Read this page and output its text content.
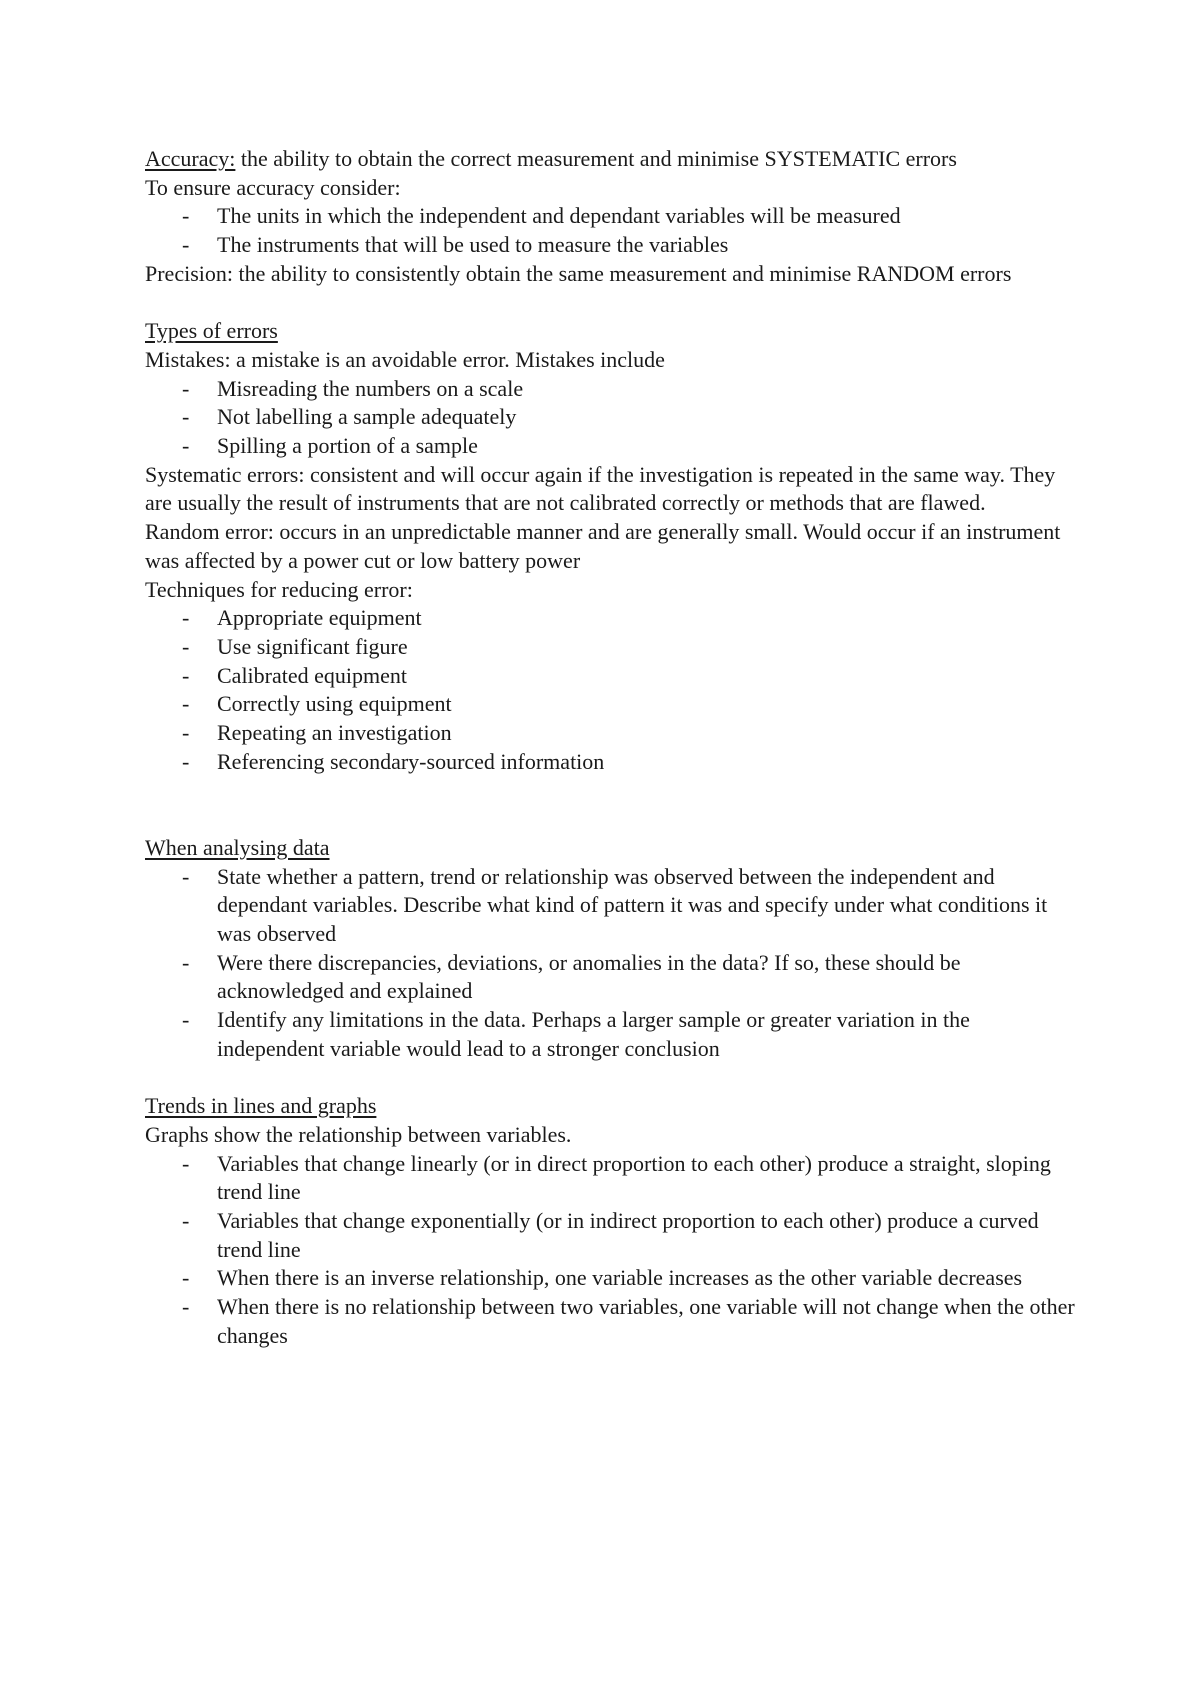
Accuracy: the ability to obtain the correct measurement and minimise SYSTEMATIC errors

To ensure accuracy consider:

- The units in which the independent and dependant variables will be measured
- The instruments that will be used to measure the variables

Precision: the ability to consistently obtain the same measurement and minimise RANDOM errors

Types of errors

Mistakes: a mistake is an avoidable error. Mistakes include

- Misreading the numbers on a scale
- Not labelling a sample adequately
- Spilling a portion of a sample

Systematic errors: consistent and will occur again if the investigation is repeated in the same way. They are usually the result of instruments that are not calibrated correctly or methods that are flawed.

Random error: occurs in an unpredictable manner and are generally small. Would occur if an instrument was affected by a power cut or low battery power

Techniques for reducing error:

- Appropriate equipment
- Use significant figure
- Calibrated equipment
- Correctly using equipment
- Repeating an investigation
- Referencing secondary-sourced information

When analysing data

- State whether a pattern, trend or relationship was observed between the independent and dependant variables. Describe what kind of pattern it was and specify under what conditions it was observed
- Were there discrepancies, deviations, or anomalies in the data? If so, these should be acknowledged and explained
- Identify any limitations in the data. Perhaps a larger sample or greater variation in the independent variable would lead to a stronger conclusion

Trends in lines and graphs

Graphs show the relationship between variables.

- Variables that change linearly (or in direct proportion to each other) produce a straight, sloping trend line
- Variables that change exponentially (or in indirect proportion to each other) produce a curved trend line
- When there is an inverse relationship, one variable increases as the other variable decreases
- When there is no relationship between two variables, one variable will not change when the other changes
